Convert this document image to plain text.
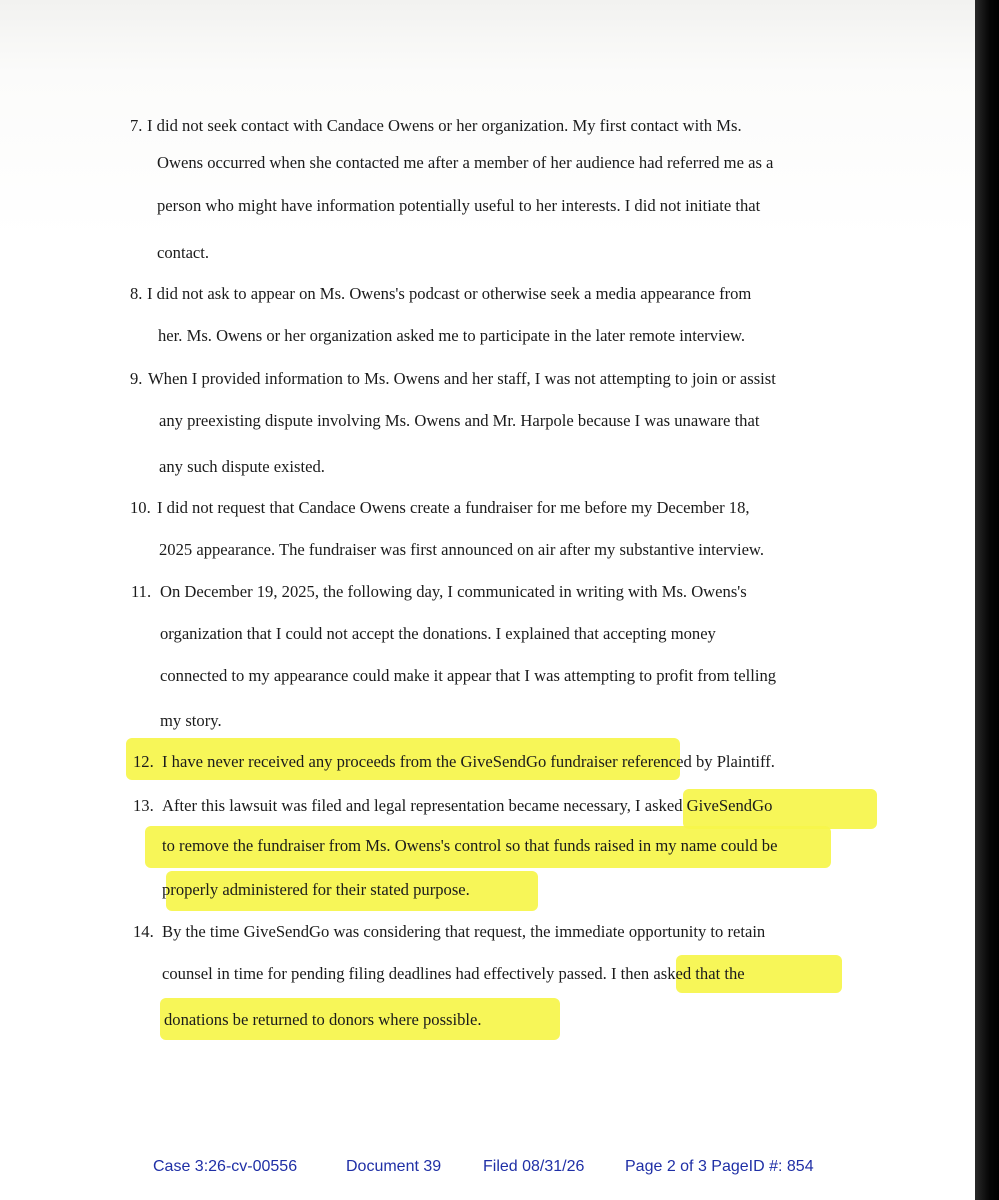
7. I did not seek contact with Candace Owens or her organization. My first contact with Ms.
Owens occurred when she contacted me after a member of her audience had referred me as a
person who might have information potentially useful to her interests. I did not initiate that
contact.
8. I did not ask to appear on Ms. Owens's podcast or otherwise seek a media appearance from
her. Ms. Owens or her organization asked me to participate in the later remote interview.
9. When I provided information to Ms. Owens and her staff, I was not attempting to join or assist
any preexisting dispute involving Ms. Owens and Mr. Harpole because I was unaware that
any such dispute existed.
10. I did not request that Candace Owens create a fundraiser for me before my December 18,
2025 appearance. The fundraiser was first announced on air after my substantive interview.
11. On December 19, 2025, the following day, I communicated in writing with Ms. Owens's
organization that I could not accept the donations. I explained that accepting money
connected to my appearance could make it appear that I was attempting to profit from telling
my story.
12. I have never received any proceeds from the GiveSendGo fundraiser referenced by Plaintiff.
13. After this lawsuit was filed and legal representation became necessary, I asked GiveSendGo
to remove the fundraiser from Ms. Owens's control so that funds raised in my name could be
properly administered for their stated purpose.
14. By the time GiveSendGo was considering that request, the immediate opportunity to retain
counsel in time for pending filing deadlines had effectively passed. I then asked that the
donations be returned to donors where possible.
Case 3:26-cv-00556	Document 39	Filed 08/31/26	Page 2 of 3 PageID #: 854
